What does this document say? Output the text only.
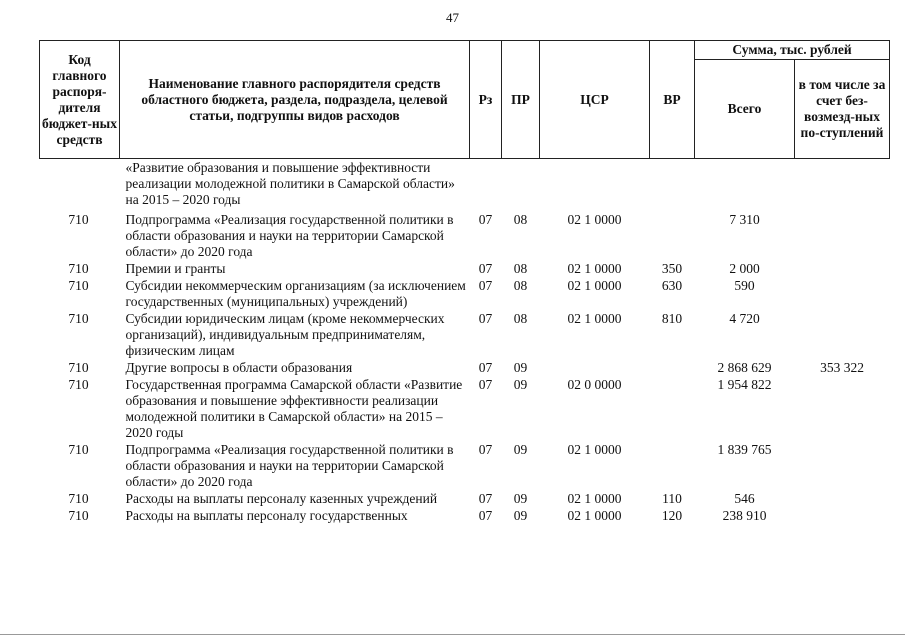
47
Код главного распоря-дителя бюджет-ных средств	Наименование главного распорядителя средств областного бюджета, раздела, подраздела, целевой статьи, подгруппы видов расходов	Рз	ПР	ЦСР	ВР	Сумма, тыс. рублей	
						Всего	в том числе за счет без-возмезд-ных по-ступлений
	«Развитие образования и повышение эффективности реализации молодежной политики в Самарской области» на 2015 – 2020 годы						
710	Подпрограмма «Реализация государственной политики в области образования и науки на территории Самарской области» до 2020 года	07	08	02 1 0000		7 310	
710	Премии и гранты	07	08	02 1 0000	350	2 000	
710	Субсидии некоммерческим организациям (за исключением государственных (муниципальных) учреждений)	07	08	02 1 0000	630	590	
710	Субсидии юридическим лицам (кроме некоммерческих организаций), индивидуальным предпринимателям, физическим лицам	07	08	02 1 0000	810	4 720	
710	Другие вопросы в области образования	07	09			2 868 629	353 322
710	Государственная программа Самарской области «Развитие образования и повышение эффективности реализации молодежной политики в Самарской области» на 2015 – 2020 годы	07	09	02 0 0000		1 954 822	
710	Подпрограмма «Реализация государственной политики в области образования и науки на территории Самарской области» до 2020 года	07	09	02 1 0000		1 839 765	
710	Расходы на выплаты персоналу казенных учреждений	07	09	02 1 0000	110	546	
710	Расходы на выплаты персоналу государственных	07	09	02 1 0000	120	238 910	
